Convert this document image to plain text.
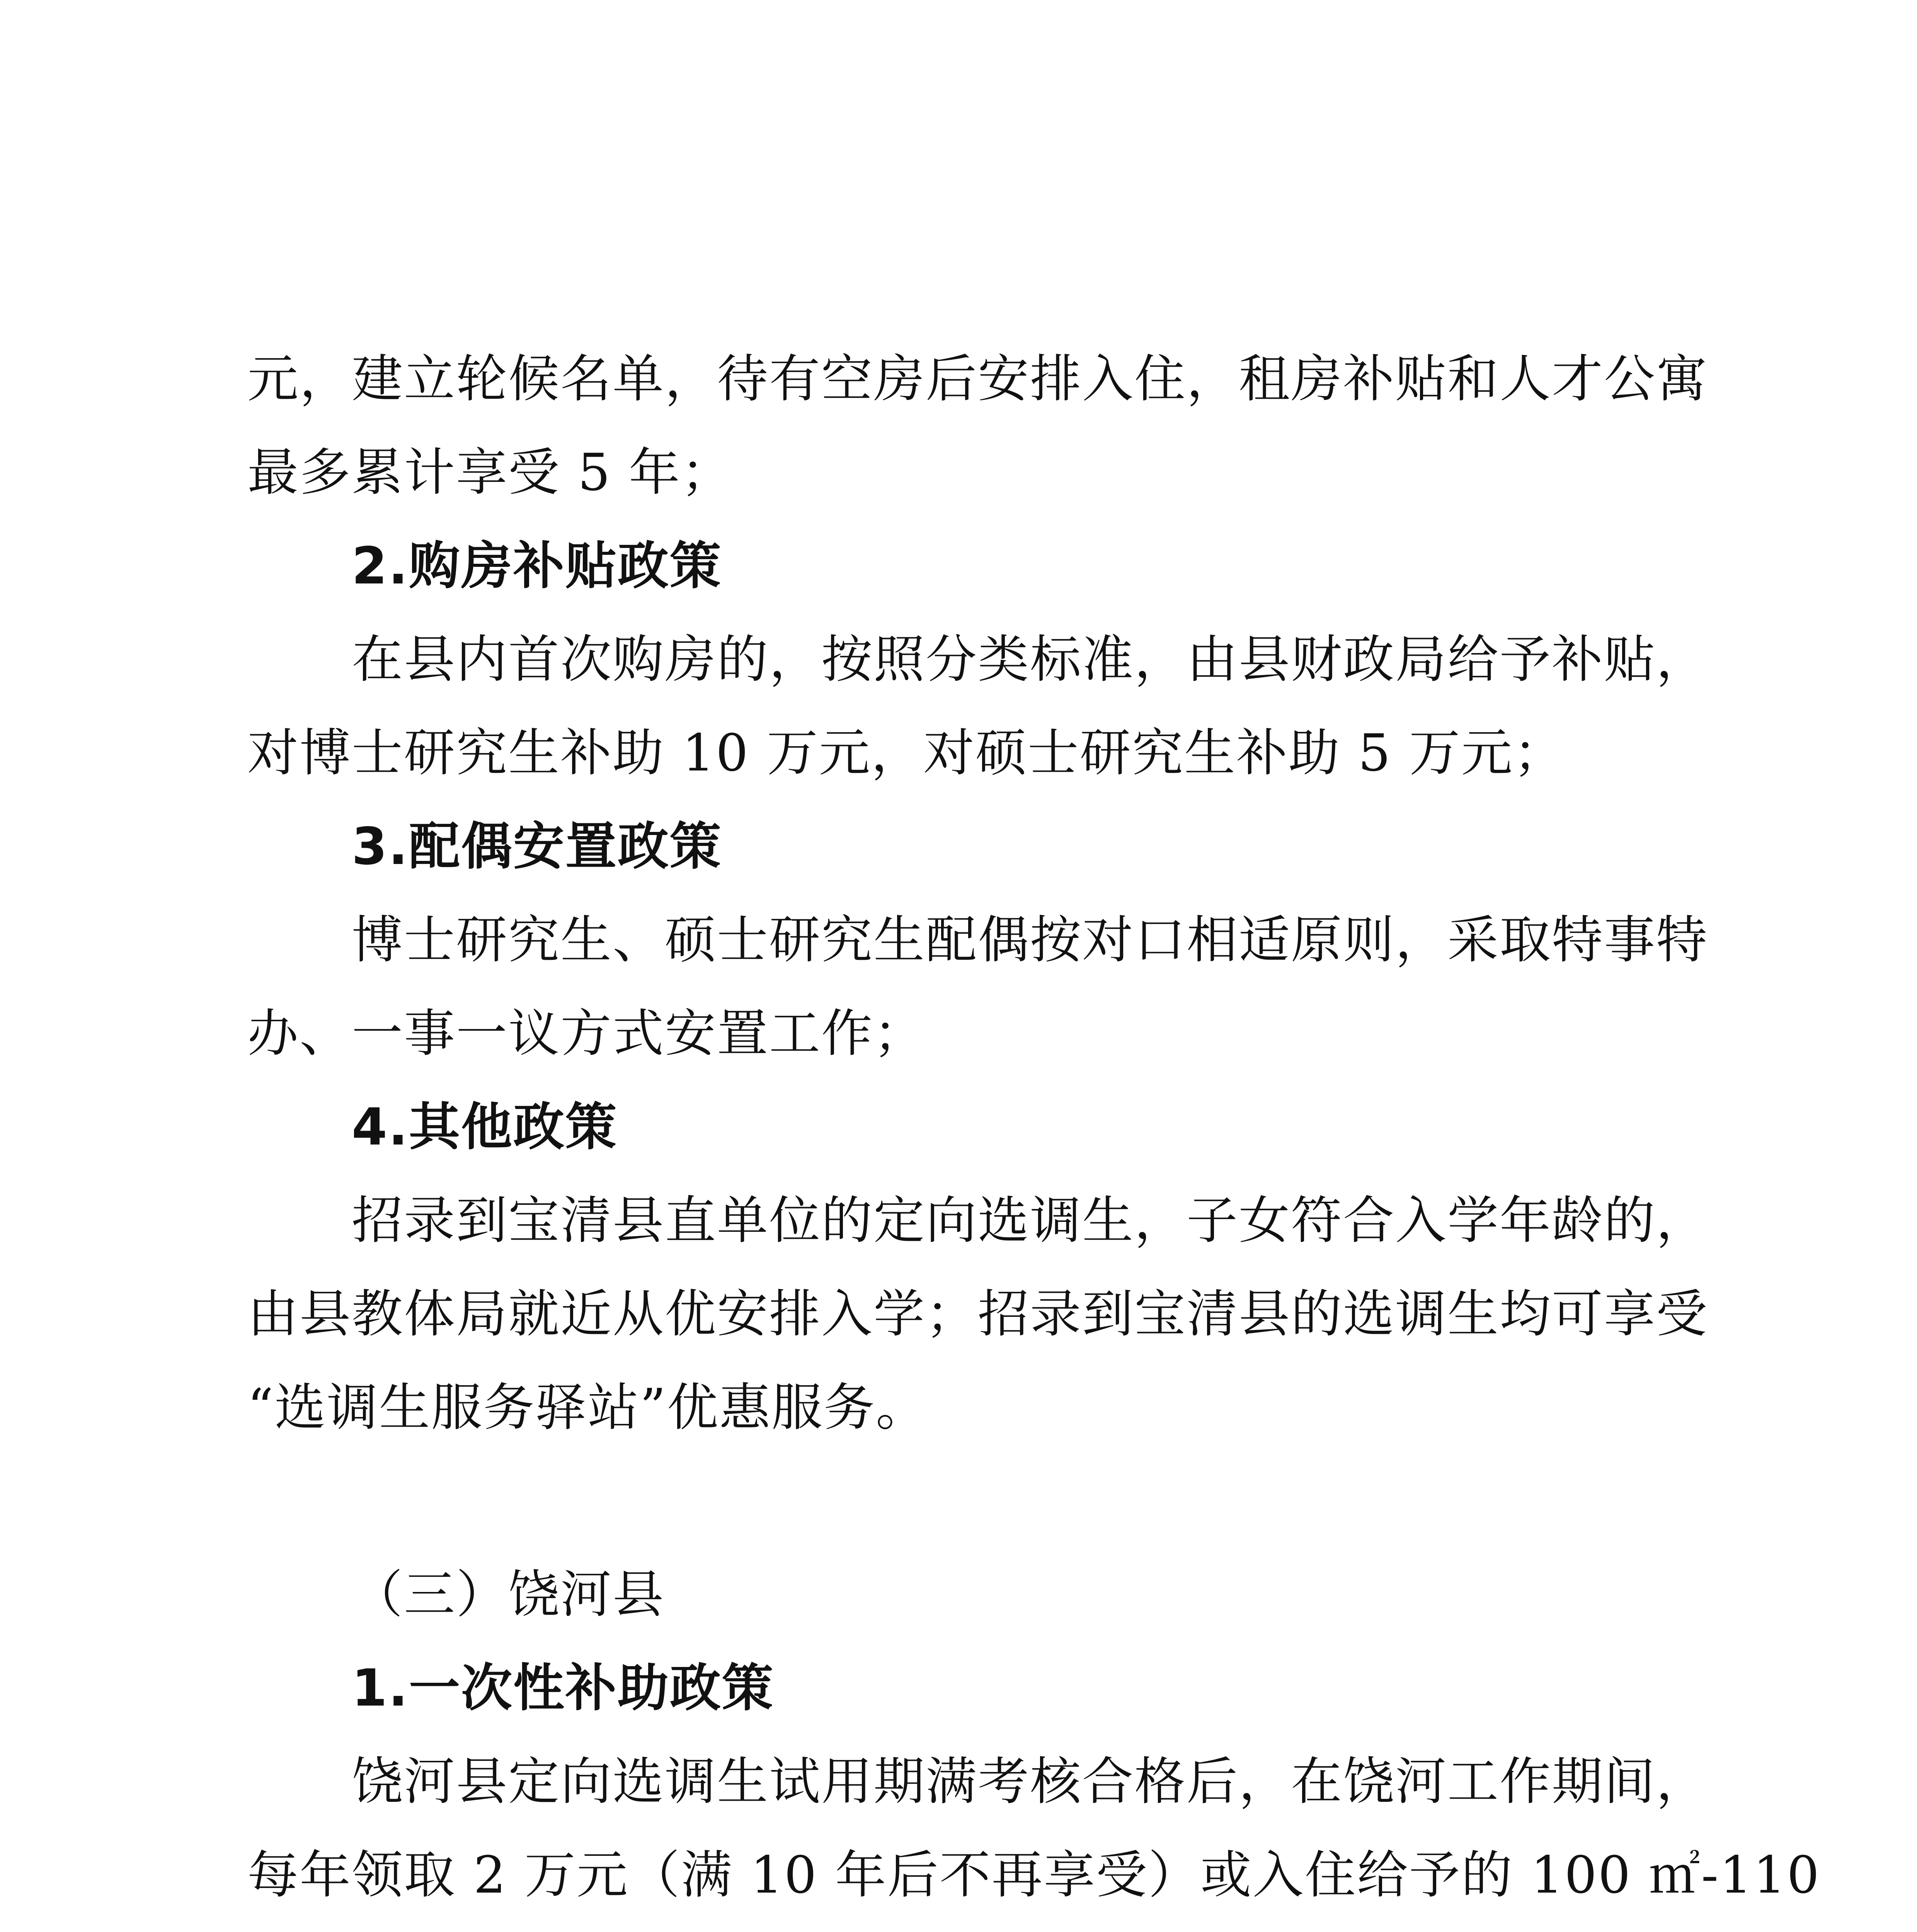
元，建立轮候名单，待有空房后安排入住，租房补贴和人才公寓
最多累计享受 5 年；
2.购房补贴政策
在县内首次购房的，按照分类标准，由县财政局给予补贴，
对博士研究生补助 10 万元，对硕士研究生补助 5 万元；
3.配偶安置政策
博士研究生、硕士研究生配偶按对口相适原则，采取特事特
办、一事一议方式安置工作；
4.其他政策
招录到宝清县直单位的定向选调生，子女符合入学年龄的，
由县教体局就近从优安排入学；招录到宝清县的选调生均可享受
“选调生服务驿站”优惠服务。
（三）饶河县
1.一次性补助政策
饶河县定向选调生试用期满考核合格后，在饶河工作期间，
每年领取 2 万元（满 10 年后不再享受）或入住给予的 100 ㎡-110
